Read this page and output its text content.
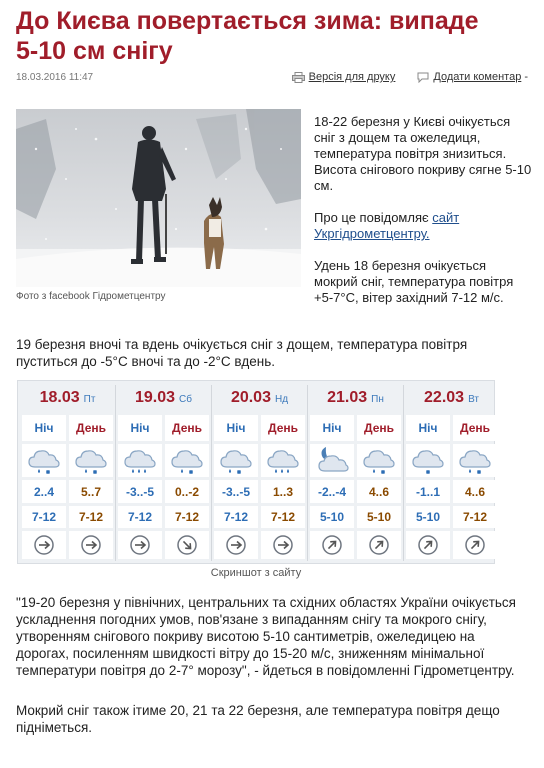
До Києва повертається зима: випаде
5-10 см снігу
18.03.2016 11:47	Версія для друку	Додати коментар -
Фото з facebook Гідрометцентру
18-22 березня у Києві очікується сніг з дощем та ожеледиця, температура повітря знизиться. Висота снігового покриву сягне 5-10 см.
Про це повідомляє сайт Укргідрометцентру.
Удень 18 березня очікується мокрий сніг, температура повітря +5-7°C, вітер західний 7-12 м/с.
19 березня вночі та вдень очікується сніг з дощем, температура повітря пуститься до -5°C вночі та до -2°C вдень.
18.03 Пт
Ніч
2..4
7-12
День
5..7
7-12
19.03 Сб
Ніч
-3..-5
7-12
День
0..-2
7-12
20.03 Нд
Ніч
-3..-5
7-12
День
1..3
7-12
21.03 Пн
Ніч
-2..-4
5-10
День
4..6
5-10
22.03 Вт
Ніч
-1..1
5-10
День
4..6
7-12
Скриншот з сайту
"19-20 березня у північних, центральних та східних областях України очікується ускладнення погодних умов, пов'язане з випаданням снігу та мокрого снігу, утворенням снігового покриву висотою 5-10 сантиметрів, ожеледицею на дорогах, посиленням швидкості вітру до 15-20 м/с, зниженням мінімальної температури повітря до 2-7° морозу", - йдеться в повідомленні Гідрометцентру.
Мокрий сніг також ітиме 20, 21 та 22 березня, але температура повітря дещо підніметься.
